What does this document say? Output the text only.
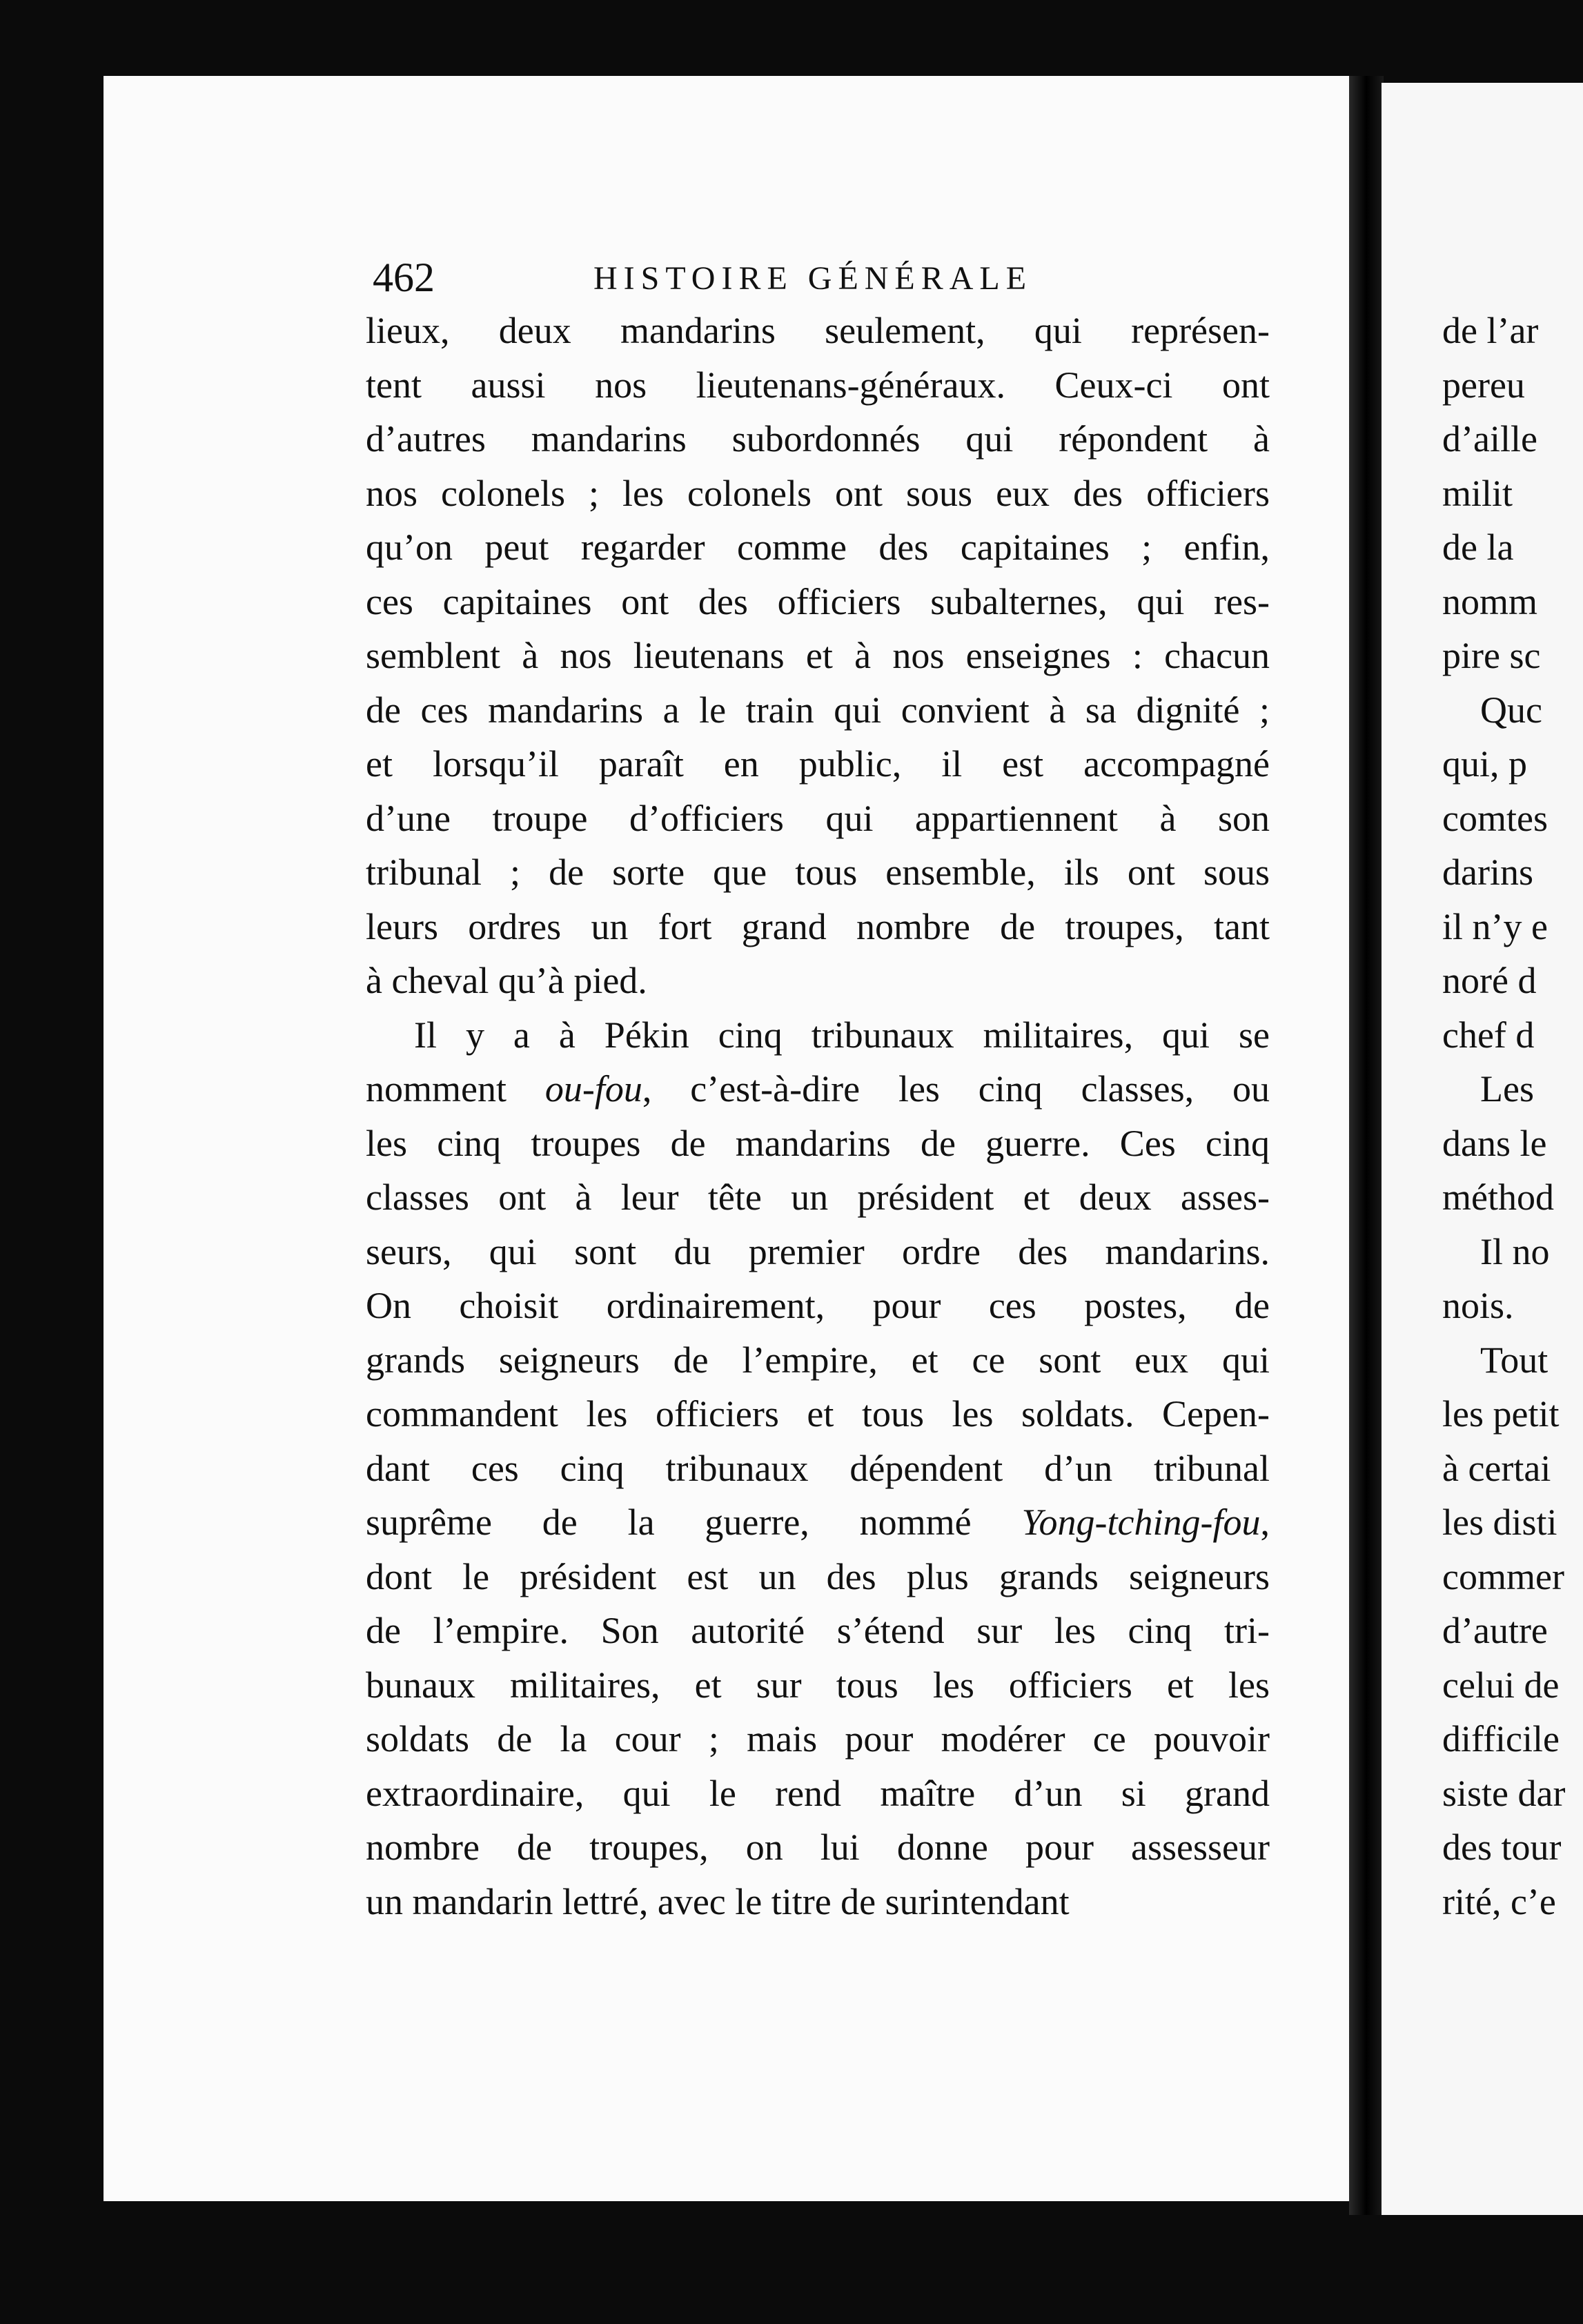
462	HISTOIRE GÉNÉRALE
lieux, deux mandarins seulement, qui représen-
tent aussi nos lieutenans-généraux. Ceux-ci ont
d’autres mandarins subordonnés qui répondent à
nos colonels ; les colonels ont sous eux des officiers
qu’on peut regarder comme des capitaines ; enfin,
ces capitaines ont des officiers subalternes, qui res-
semblent à nos lieutenans et à nos enseignes : chacun
de ces mandarins a le train qui convient à sa dignité ;
et lorsqu’il paraît en public, il est accompagné
d’une troupe d’officiers qui appartiennent à son
tribunal ; de sorte que tous ensemble, ils ont sous
leurs ordres un fort grand nombre de troupes, tant
à cheval qu’à pied.
Il y a à Pékin cinq tribunaux militaires, qui se
nomment ou-fou, c’est-à-dire les cinq classes, ou
les cinq troupes de mandarins de guerre. Ces cinq
classes ont à leur tête un président et deux asses-
seurs, qui sont du premier ordre des mandarins.
On choisit ordinairement, pour ces postes, de
grands seigneurs de l’empire, et ce sont eux qui
commandent les officiers et tous les soldats. Cepen-
dant ces cinq tribunaux dépendent d’un tribunal
suprême de la guerre, nommé Yong-tching-fou,
dont le président est un des plus grands seigneurs
de l’empire. Son autorité s’étend sur les cinq tri-
bunaux militaires, et sur tous les officiers et les
soldats de la cour ; mais pour modérer ce pouvoir
extraordinaire, qui le rend maître d’un si grand
nombre de troupes, on lui donne pour assesseur
un mandarin lettré, avec le titre de surintendant
de l’ar
pereu
d’aille
milit
de la
nomm
pire sc
Quc
qui, p
comtes
darins
il n’y e
noré d
chef d
Les
dans le
méthod
Il no
nois.
Tout
les petit
à certai
les disti
commer
d’autre
celui de
difficile
siste dar
des tour
rité, c’e
